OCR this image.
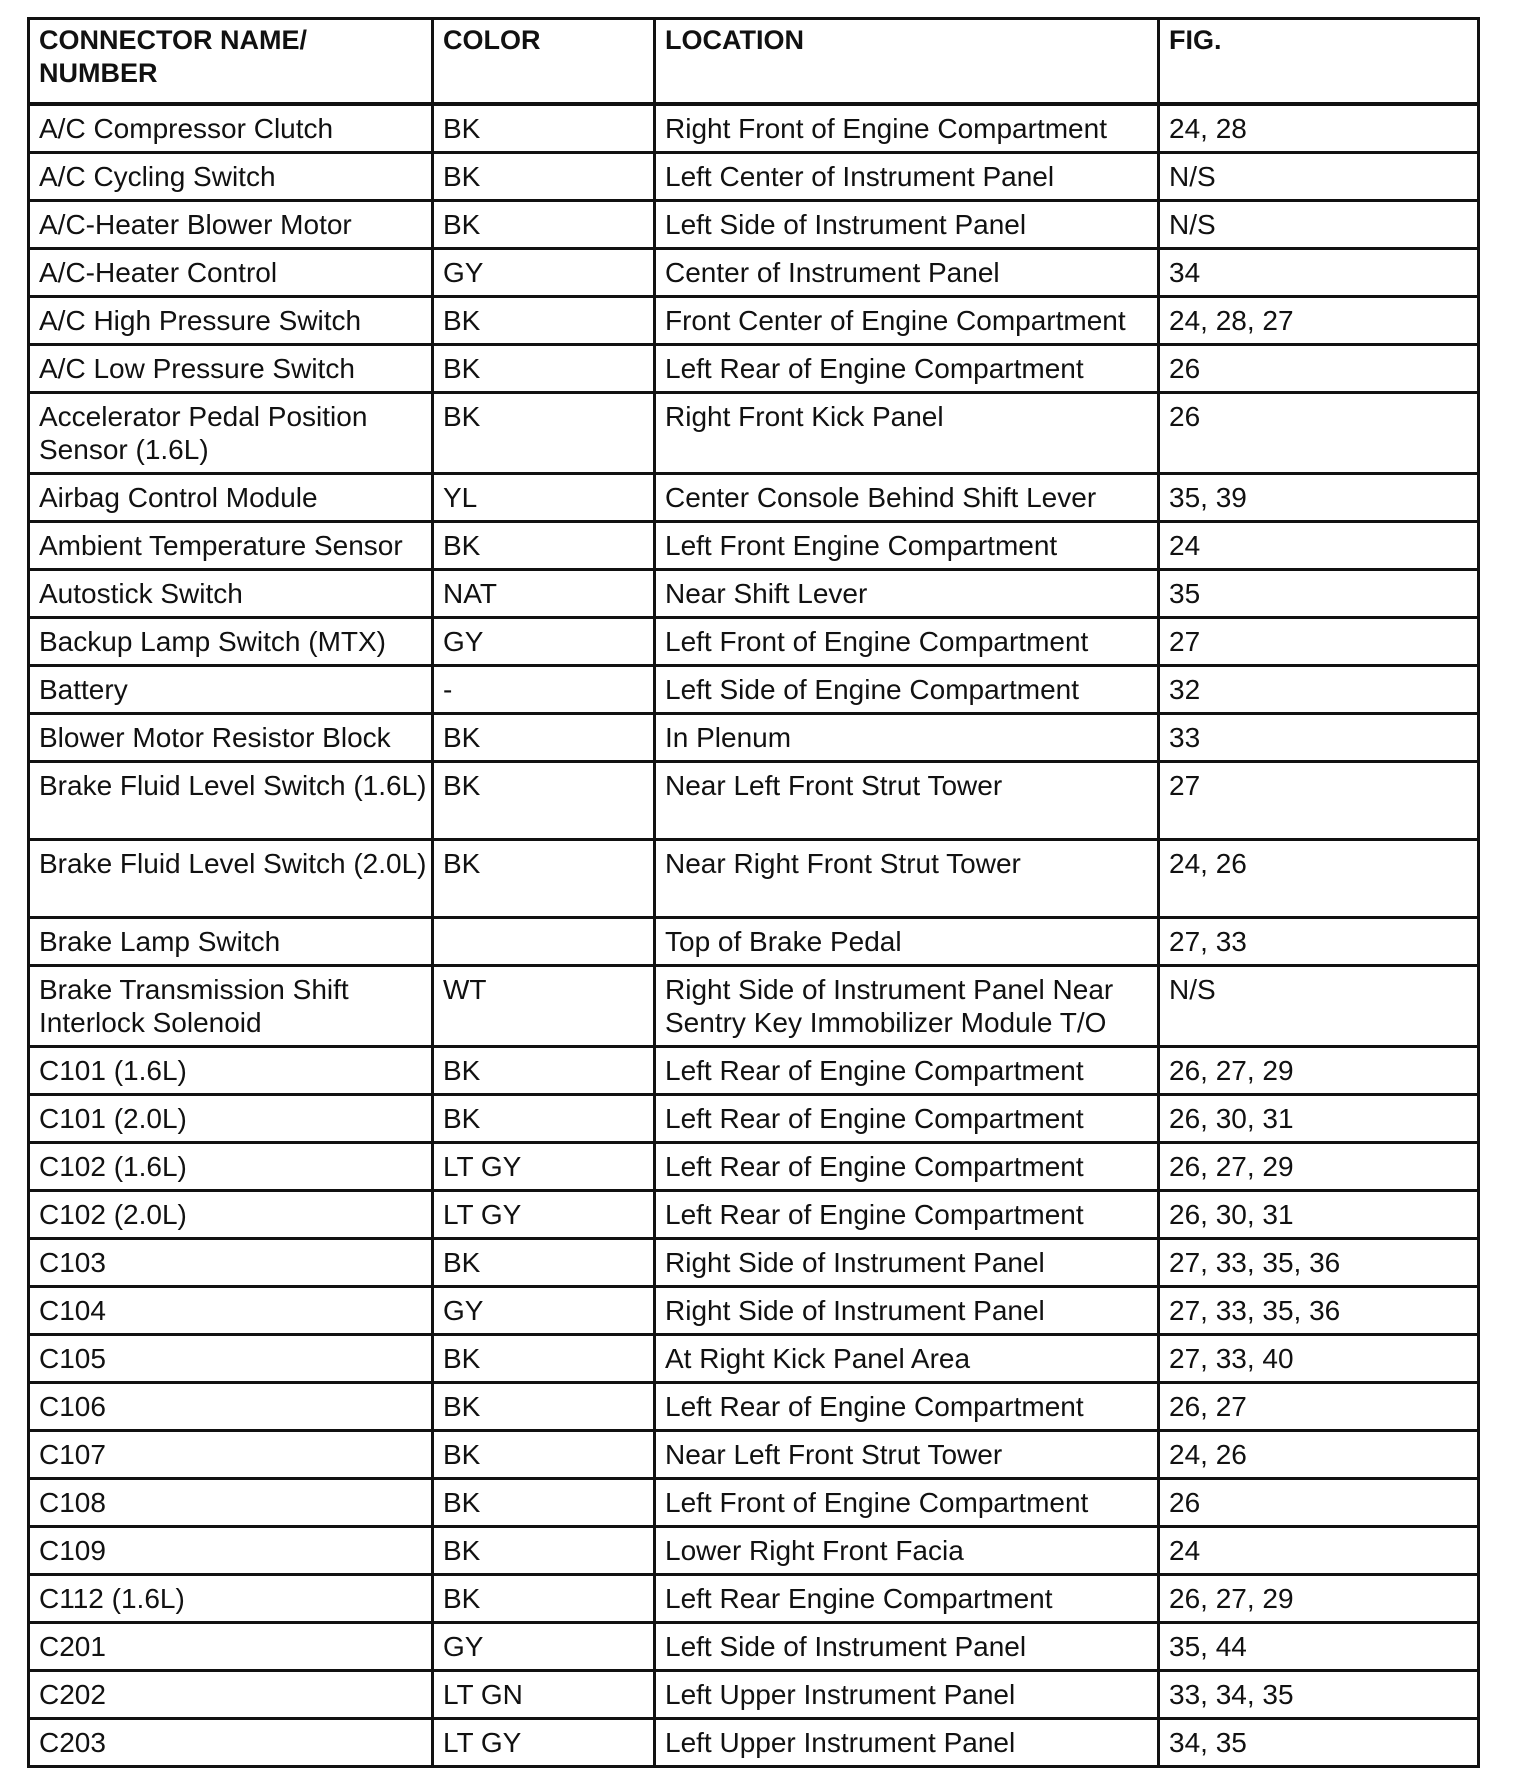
CONNECTOR NAME/ NUMBER	COLOR	LOCATION	FIG.
A/C Compressor Clutch	BK	Right Front of Engine Compartment	24, 28
A/C Cycling Switch	BK	Left Center of Instrument Panel	N/S
A/C-Heater Blower Motor	BK	Left Side of Instrument Panel	N/S
A/C-Heater Control	GY	Center of Instrument Panel	34
A/C High Pressure Switch	BK	Front Center of Engine Compartment	24, 28, 27
A/C Low Pressure Switch	BK	Left Rear of Engine Compartment	26
Accelerator Pedal Position Sensor (1.6L)	BK	Right Front Kick Panel	26
Airbag Control Module	YL	Center Console Behind Shift Lever	35, 39
Ambient Temperature Sensor	BK	Left Front Engine Compartment	24
Autostick Switch	NAT	Near Shift Lever	35
Backup Lamp Switch (MTX)	GY	Left Front of Engine Compartment	27
Battery	-	Left Side of Engine Compartment	32
Blower Motor Resistor Block	BK	In Plenum	33
Brake Fluid Level Switch (1.6L)	BK	Near Left Front Strut Tower	27
Brake Fluid Level Switch (2.0L)	BK	Near Right Front Strut Tower	24, 26
Brake Lamp Switch		Top of Brake Pedal	27, 33
Brake Transmission Shift Interlock Solenoid	WT	Right Side of Instrument Panel Near Sentry Key Immobilizer Module T/O	N/S
C101 (1.6L)	BK	Left Rear of Engine Compartment	26, 27, 29
C101 (2.0L)	BK	Left Rear of Engine Compartment	26, 30, 31
C102 (1.6L)	LT GY	Left Rear of Engine Compartment	26, 27, 29
C102 (2.0L)	LT GY	Left Rear of Engine Compartment	26, 30, 31
C103	BK	Right Side of Instrument Panel	27, 33, 35, 36
C104	GY	Right Side of Instrument Panel	27, 33, 35, 36
C105	BK	At Right Kick Panel Area	27, 33, 40
C106	BK	Left Rear of Engine Compartment	26, 27
C107	BK	Near Left Front Strut Tower	24, 26
C108	BK	Left Front of Engine Compartment	26
C109	BK	Lower Right Front Facia	24
C112 (1.6L)	BK	Left Rear Engine Compartment	26, 27, 29
C201	GY	Left Side of Instrument Panel	35, 44
C202	LT GN	Left Upper Instrument Panel	33, 34, 35
C203	LT GY	Left Upper Instrument Panel	34, 35
